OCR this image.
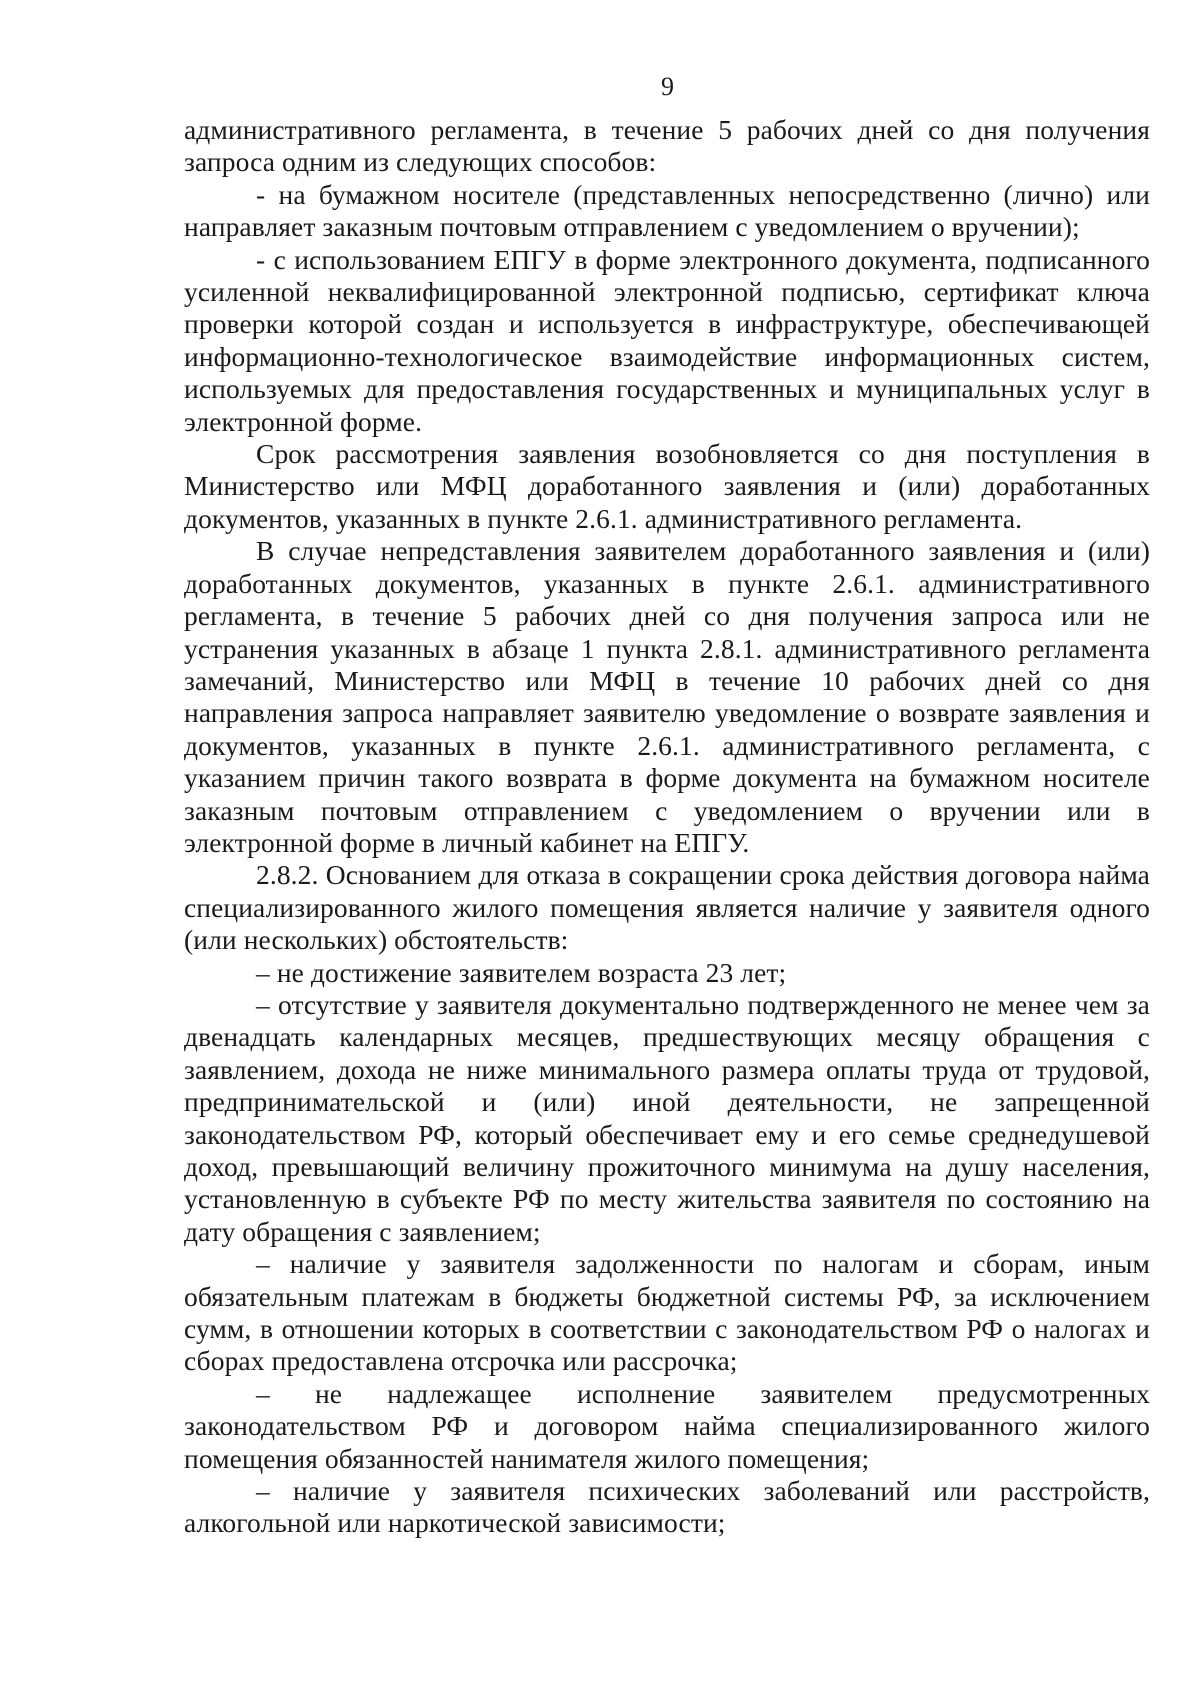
9

административного регламента, в течение 5 рабочих дней со дня получения запроса одним из следующих способов:

- на бумажном носителе (представленных непосредственно (лично) или направляет заказным почтовым отправлением с уведомлением о вручении);

- с использованием ЕПГУ в форме электронного документа, подписанного усиленной неквалифицированной электронной подписью, сертификат ключа проверки которой создан и используется в инфраструктуре, обеспечивающей информационно-технологическое взаимодействие информационных систем, используемых для предоставления государственных и муниципальных услуг в электронной форме.

Срок рассмотрения заявления возобновляется со дня поступления в Министерство или МФЦ доработанного заявления и (или) доработанных документов, указанных в пункте 2.6.1. административного регламента.

В случае непредставления заявителем доработанного заявления и (или) доработанных документов, указанных в пункте 2.6.1. административного регламента, в течение 5 рабочих дней со дня получения запроса или не устранения указанных в абзаце 1 пункта 2.8.1. административного регламента замечаний, Министерство или МФЦ в течение 10 рабочих дней со дня направления запроса направляет заявителю уведомление о возврате заявления и документов, указанных в пункте 2.6.1. административного регламента, с указанием причин такого возврата в форме документа на бумажном носителе заказным почтовым отправлением с уведомлением о вручении или в электронной форме в личный кабинет на ЕПГУ.

2.8.2. Основанием для отказа в сокращении срока действия договора найма специализированного жилого помещения является наличие у заявителя одного (или нескольких) обстоятельств:

– не достижение заявителем возраста 23 лет;

– отсутствие у заявителя документально подтвержденного не менее чем за двенадцать календарных месяцев, предшествующих месяцу обращения с заявлением, дохода не ниже минимального размера оплаты труда от трудовой, предпринимательской и (или) иной деятельности, не запрещенной законодательством РФ, который обеспечивает ему и его семье среднедушевой доход, превышающий величину прожиточного минимума на душу населения, установленную в субъекте РФ по месту жительства заявителя по состоянию на дату обращения с заявлением;

– наличие у заявителя задолженности по налогам и сборам, иным обязательным платежам в бюджеты бюджетной системы РФ, за исключением сумм, в отношении которых в соответствии с законодательством РФ о налогах и сборах предоставлена отсрочка или рассрочка;

– не надлежащее исполнение заявителем предусмотренных законодательством РФ и договором найма специализированного жилого помещения обязанностей нанимателя жилого помещения;

– наличие у заявителя психических заболеваний или расстройств, алкогольной или наркотической зависимости;
